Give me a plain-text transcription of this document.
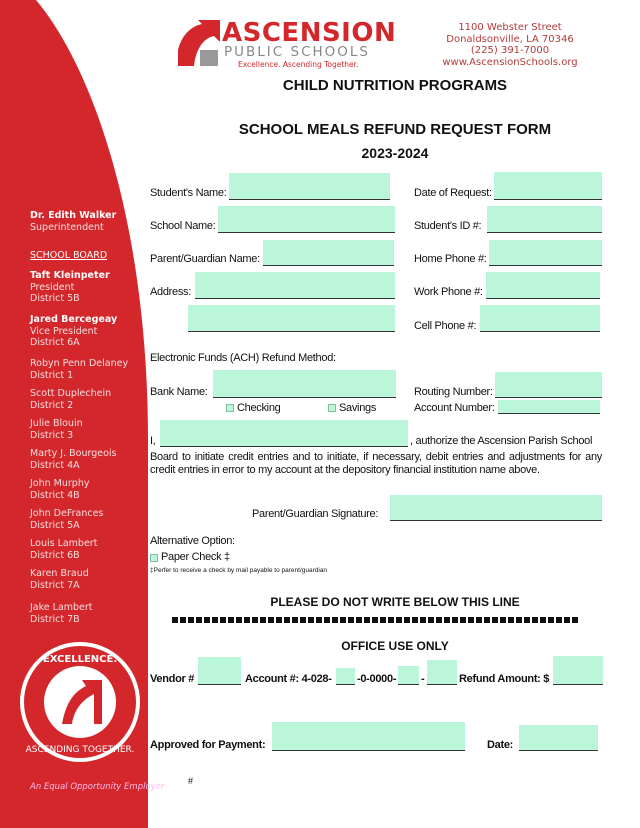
Dr. Edith Walker
Superintendent
SCHOOL BOARD
Taft Kleinpeter
President
District 5B
Jared Bercegeay
Vice President
District 6A
Robyn Penn Delaney
District 1
Scott Duplechein
District 2
Julie Blouin
District 3
Marty J. Bourgeois
District 4A
John Murphy
District 4B
John DeFrances
District 5A
Louis Lambert
District 6B
Karen Braud
District 7A
Jake Lambert
District 7B
EXCELLENCE.
ASCENDING TOGETHER.
An Equal Opportunity Employer
ASCENSION
PUBLIC SCHOOLS
Excellence. Ascending Together.
1100 Webster Street
Donaldsonville, LA 70346
(225) 391-7000
www.AscensionSchools.org
CHILD NUTRITION PROGRAMS
SCHOOL MEALS REFUND REQUEST FORM
2023-2024
Student's Name:	Date of Request:
School Name:	Student's ID #:
Parent/Guardian Name:	Home Phone #:
Address:	Work Phone #:
Cell Phone #:
Electronic Funds (ACH) Refund Method:
Bank Name:	Routing Number:
Checking	Savings	Account Number:
I,	, authorize the Ascension Parish School
Board to initiate credit entries and to initiate, if necessary, debit entries and adjustments for any credit entries in error to my account at the depository financial institution name above.
Parent/Guardian Signature:
Alternative Option:
Paper Check ‡
‡Perfer to receive a check by mail payable to parent/guardian
PLEASE DO NOT WRITE BELOW THIS LINE
OFFICE USE ONLY
Vendor #	Account #: 4-028- -0-0000- -	Refund Amount: $
Approved for Payment:	Date:
#
